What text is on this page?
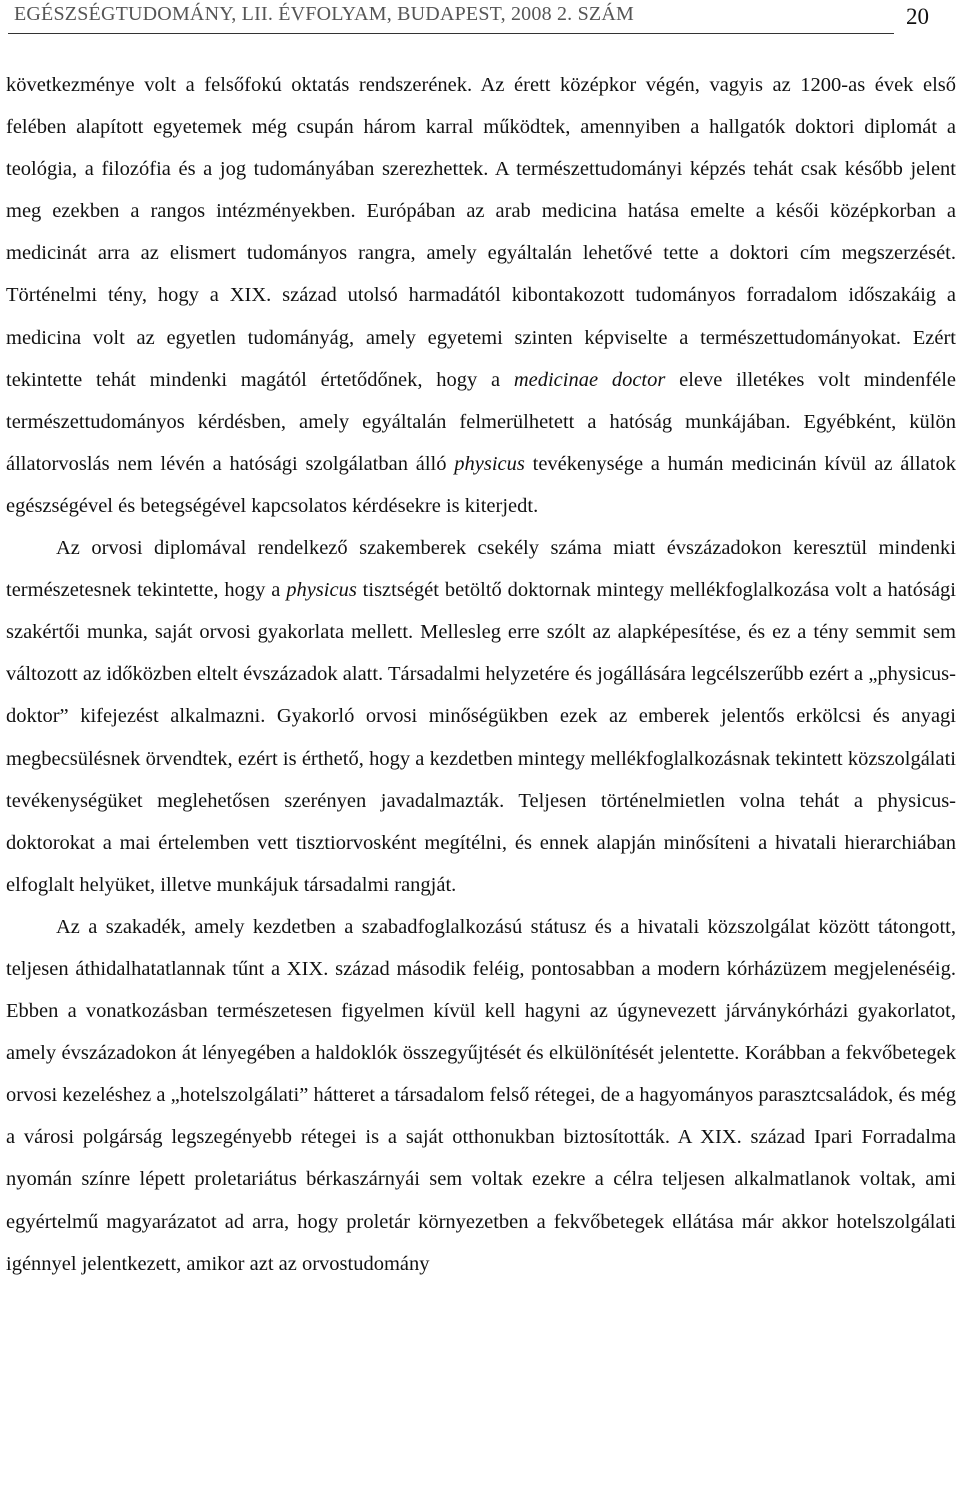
EGÉSZSÉGTUDOMÁNY, LII. ÉVFOLYAM, BUDAPEST, 2008 2. SZÁM	20

következménye volt a felsőfokú oktatás rendszerének. Az érett középkor végén, vagyis az 1200-as évek első felében alapított egyetemek még csupán három karral működtek, amennyiben a hallgatók doktori diplomát a teológia, a filozófia és a jog tudományában szerezhettek. A természettudományi képzés tehát csak később jelent meg ezekben a rangos intézményekben. Európában az arab medicina hatása emelte a késői középkorban a medicinát arra az elismert tudományos rangra, amely egyáltalán lehetővé tette a doktori cím megszerzését. Történelmi tény, hogy a XIX. század utolsó harmadától kibontakozott tudományos forradalom időszakáig a medicina volt az egyetlen tudományág, amely egyetemi szinten képviselte a természettudományokat. Ezért tekintette tehát mindenki magától értetődőnek, hogy a medicinae doctor eleve illetékes volt mindenféle természettudományos kérdésben, amely egyáltalán felmerülhetett a hatóság munkájában. Egyébként, külön állatorvoslás nem lévén a hatósági szolgálatban álló physicus tevékenysége a humán medicinán kívül az állatok egészségével és betegségével kapcsolatos kérdésekre is kiterjedt.

Az orvosi diplomával rendelkező szakemberek csekély száma miatt évszázadokon keresztül mindenki természetesnek tekintette, hogy a physicus tisztségét betöltő doktornak mintegy mellékfoglalkozása volt a hatósági szakértői munka, saját orvosi gyakorlata mellett. Mellesleg erre szólt az alapképesítése, és ez a tény semmit sem változott az időközben eltelt évszázadok alatt. Társadalmi helyzetére és jogállására legcélszerűbb ezért a „physicus-doktor” kifejezést alkalmazni. Gyakorló orvosi minőségükben ezek az emberek jelentős erkölcsi és anyagi megbecsülésnek örvendtek, ezért is érthető, hogy a kezdetben mintegy mellékfoglalkozásnak tekintett közszolgálati tevékenységüket meglehetősen szerényen javadalmazták. Teljesen történelmietlen volna tehát a physicus-doktorokat a mai értelemben vett tisztiorvosként megítélni, és ennek alapján minősíteni a hivatali hierarchiában elfoglalt helyüket, illetve munkájuk társadalmi rangját.

Az a szakadék, amely kezdetben a szabadfoglalkozású státusz és a hivatali közszolgálat között tátongott, teljesen áthidalhatatlannak tűnt a XIX. század második feléig, pontosabban a modern kórházüzem megjelenéséig. Ebben a vonatkozásban természetesen figyelmen kívül kell hagyni az úgynevezett járványkórházi gyakorlatot, amely évszázadokon át lényegében a haldoklók összegyűjtését és elkülönítését jelentette. Korábban a fekvőbetegek orvosi kezeléshez a „hotelszolgálati” hátteret a társadalom felső rétegei, de a hagyományos parasztcsaládok, és még a városi polgárság legszegényebb rétegei is a saját otthonukban biztosították. A XIX. század Ipari Forradalma nyomán színre lépett proletariátus bérkaszárnyái sem voltak ezekre a célra teljesen alkalmatlanok voltak, ami egyértelmű magyarázatot ad arra, hogy proletár környezetben a fekvőbetegek ellátása már akkor hotelszolgálati igénnyel jelentkezett, amikor azt az orvostudomány
